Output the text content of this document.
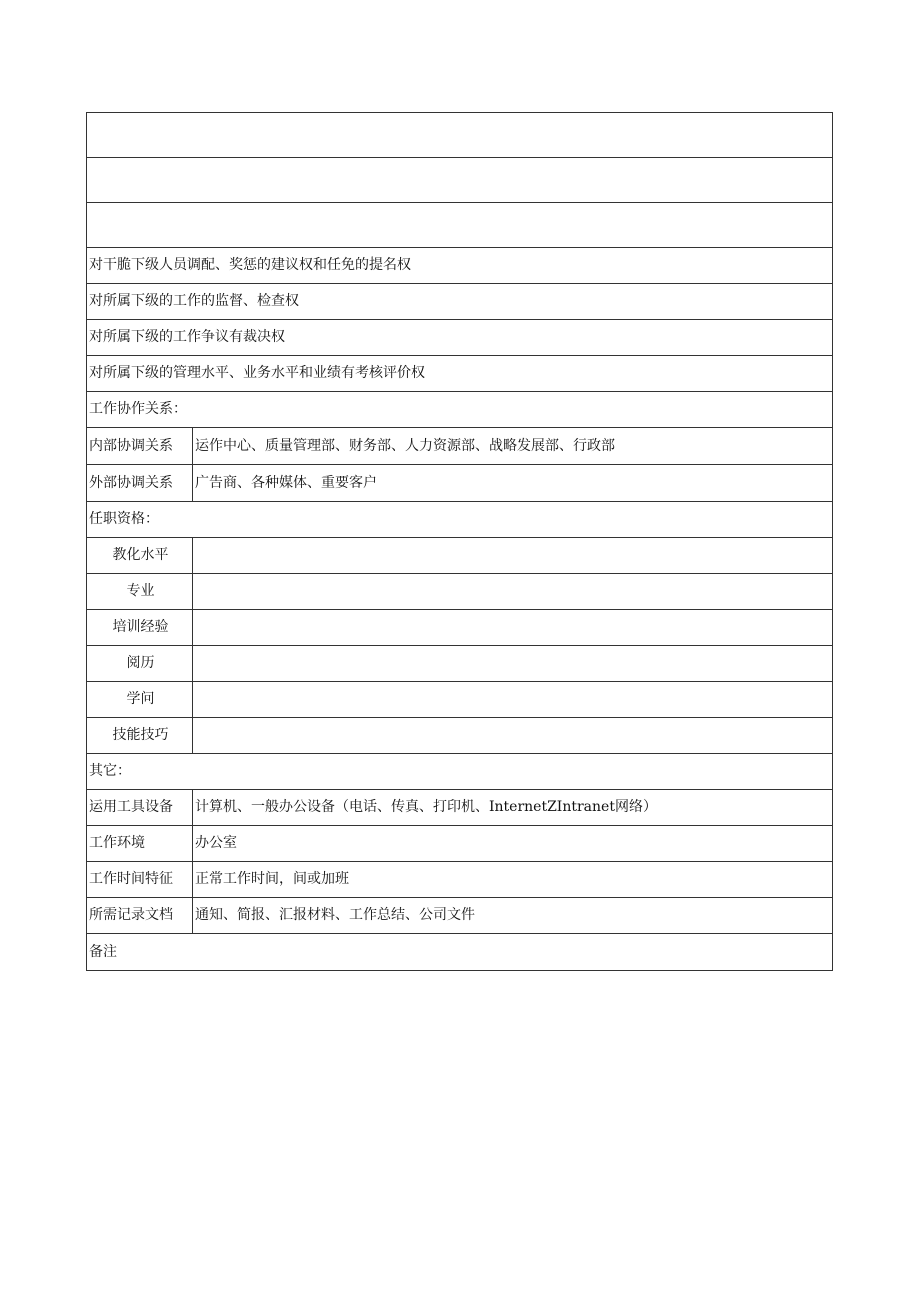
对干脆下级人员调配、奖惩的建议权和任免的提名权	
对所属下级的工作的监督、检查权	
对所属下级的工作争议有裁决权	
对所属下级的管理水平、业务水平和业绩有考核评价权	
工作协作关系：	
内部协调关系	运作中心、质量管理部、财务部、人力资源部、战略发展部、行政部
外部协调关系	广告商、各种媒体、重要客户
任职资格：	
教化水平	
专业	
培训经验	
阅历	
学问	
技能技巧	
其它：	
运用工具设备	计算机、一般办公设备（电话、传真、打印机、InternetZIntranet网络）
工作环境	办公室
工作时间特征	正常工作时间，间或加班
所需记录文档	通知、简报、汇报材料、工作总结、公司文件
备注	
